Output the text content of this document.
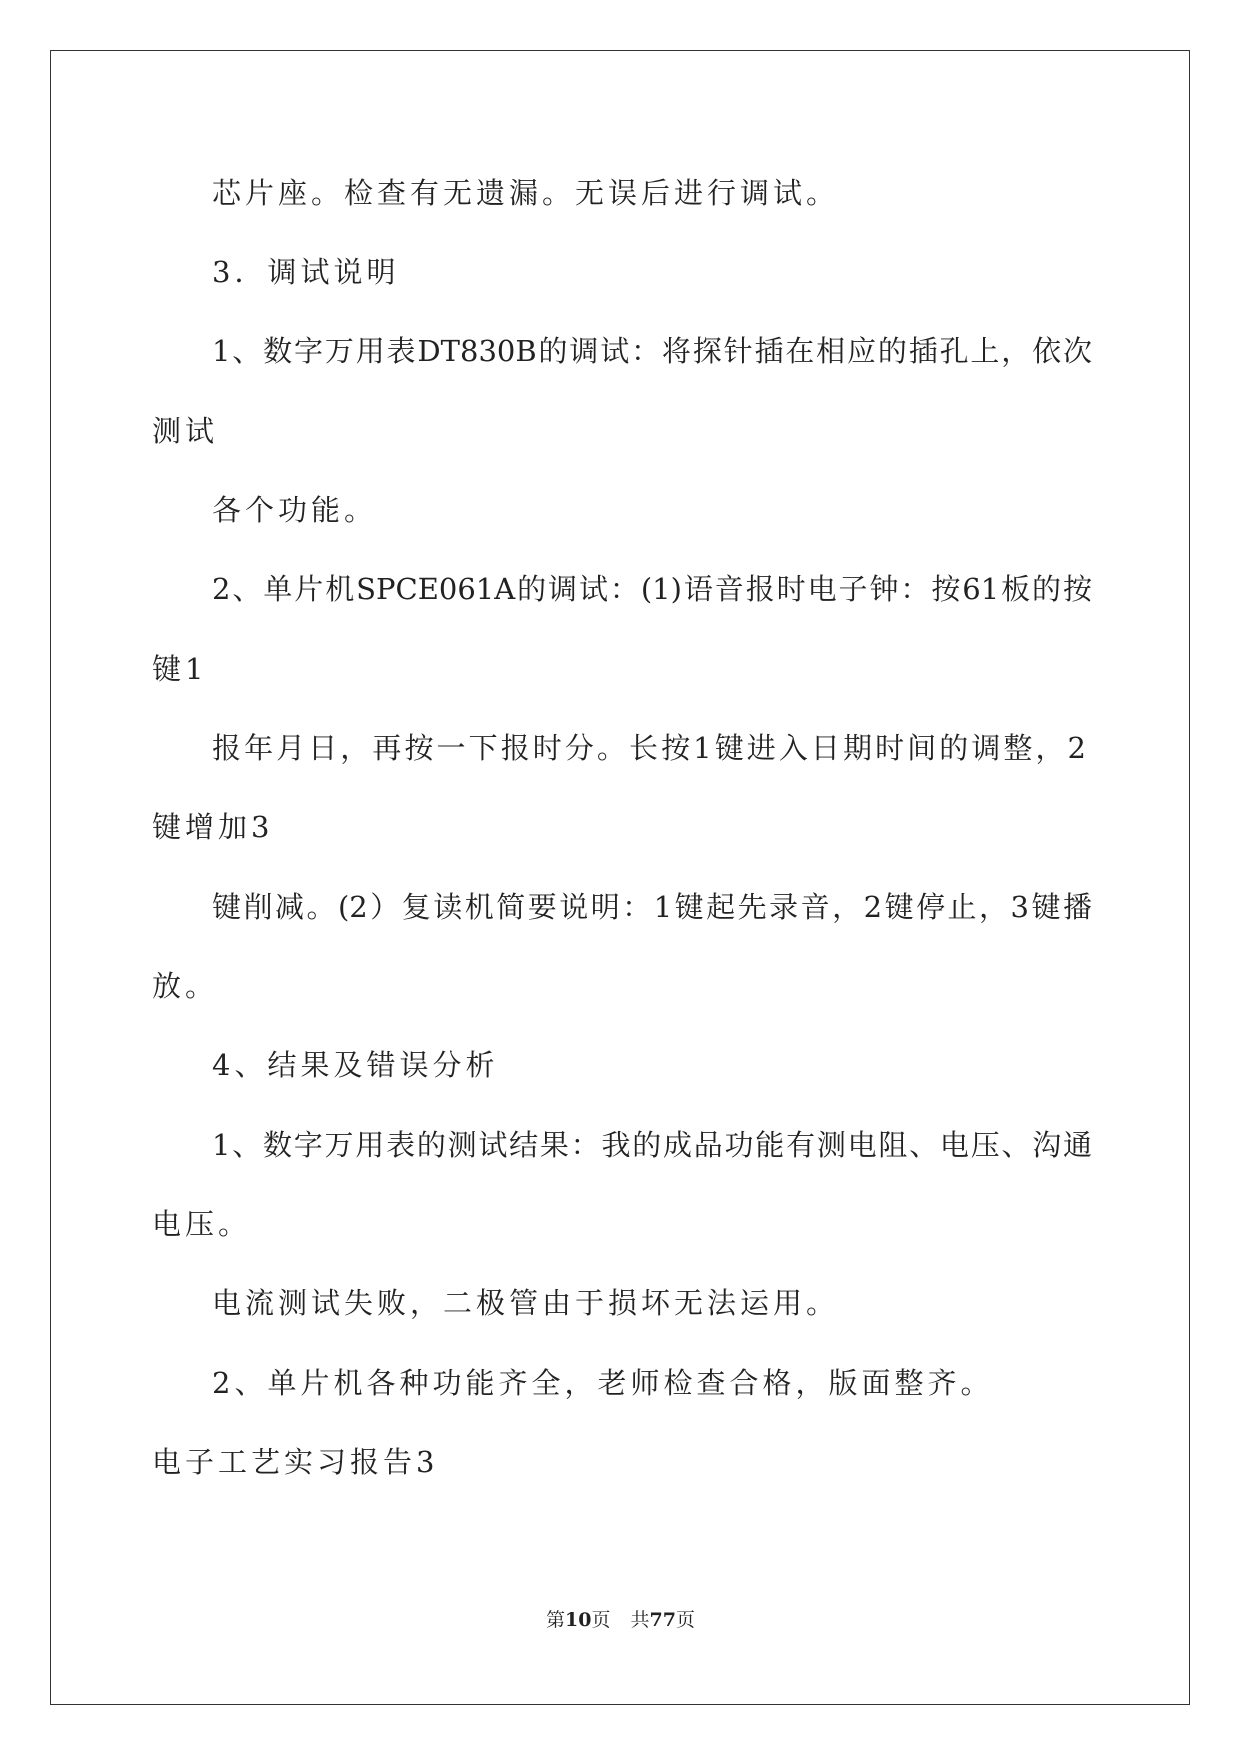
芯片座。检查有无遗漏。无误后进行调试。
3．调试说明
1、数字万用表DT830B的调试：将探针插在相应的插孔上，依次
测试
各个功能。
2、单片机SPCE061A的调试：(1)语音报时电子钟：按61板的按
键1
报年月日，再按一下报时分。长按1键进入日期时间的调整，2
键增加3
键削减。(2）复读机简要说明：1键起先录音，2键停止，3键播
放。
4、结果及错误分析
1、数字万用表的测试结果：我的成品功能有测电阻、电压、沟通
电压。
电流测试失败，二极管由于损坏无法运用。
2、单片机各种功能齐全，老师检查合格，版面整齐。
电子工艺实习报告3
第10页 共77页
